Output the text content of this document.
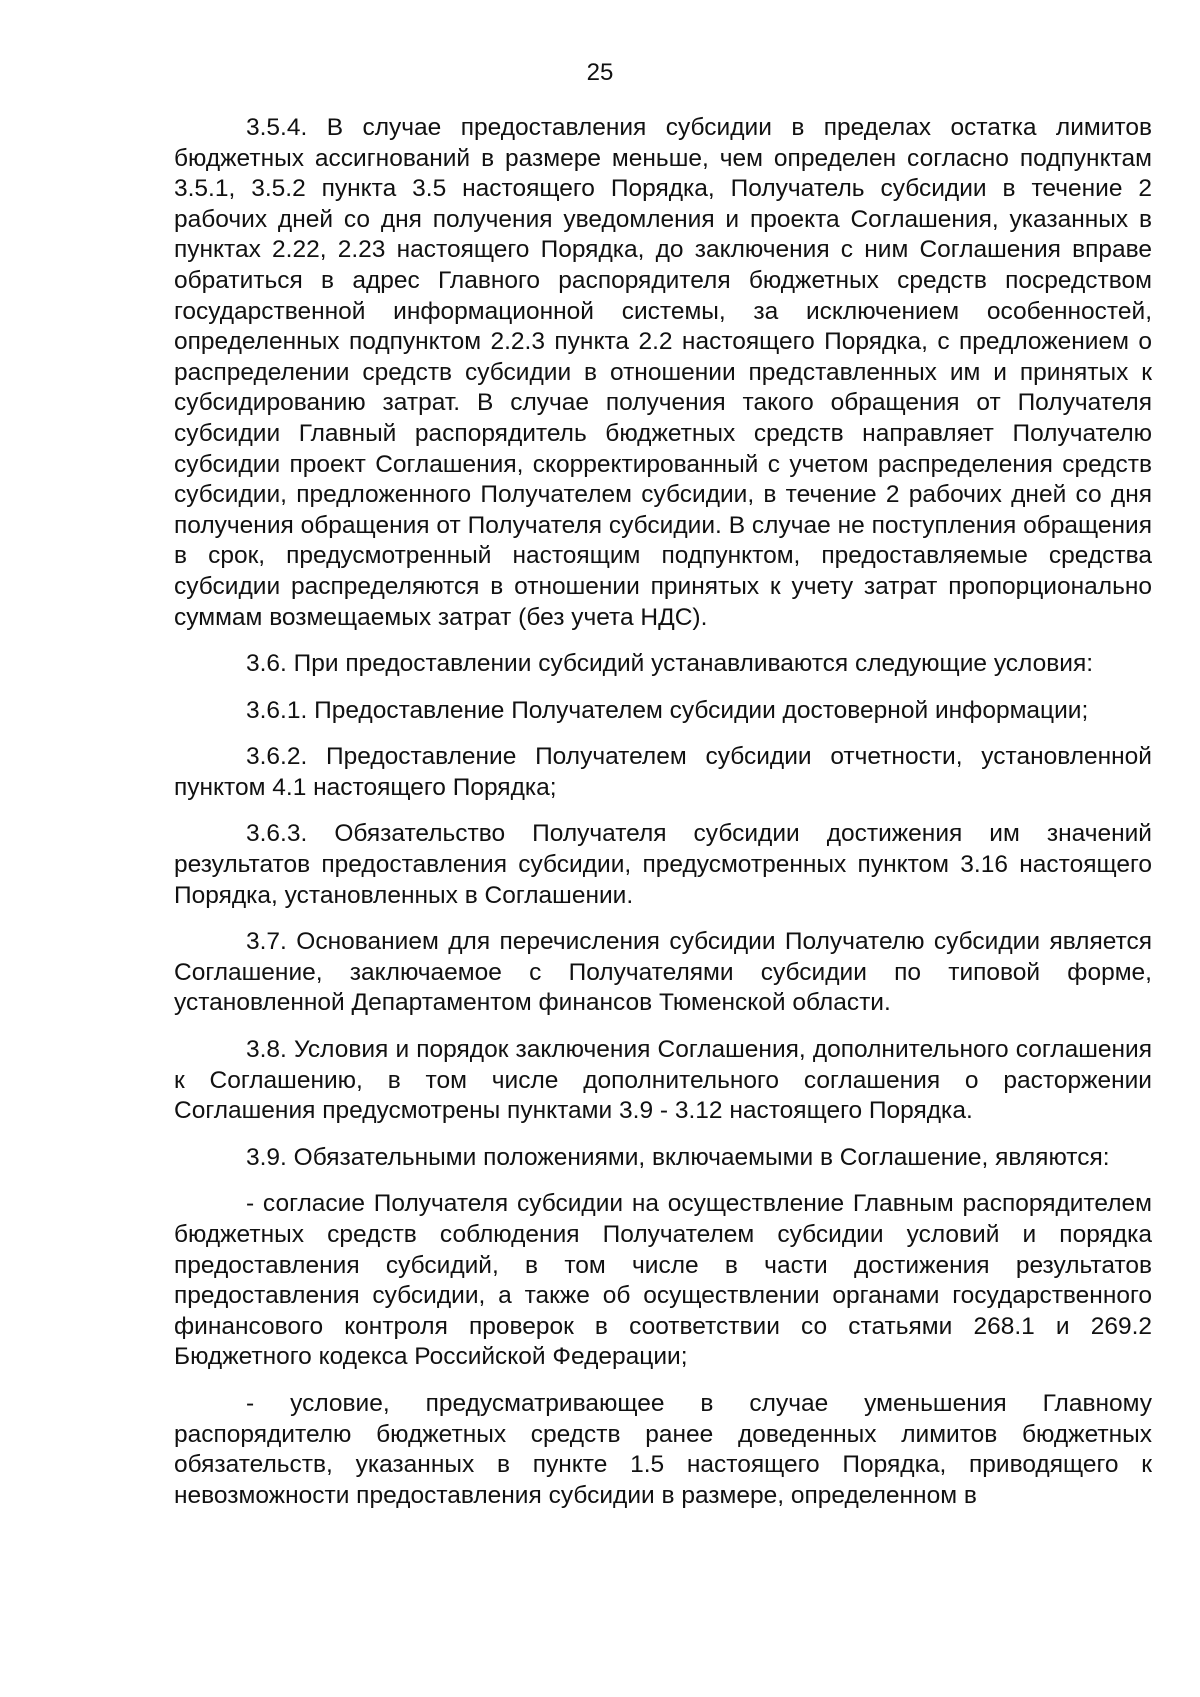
25

3.5.4. В случае предоставления субсидии в пределах остатка лимитов бюджетных ассигнований в размере меньше, чем определен согласно подпунктам 3.5.1, 3.5.2 пункта 3.5 настоящего Порядка, Получатель субсидии в течение 2 рабочих дней со дня получения уведомления и проекта Соглашения, указанных в пунктах 2.22, 2.23 настоящего Порядка, до заключения с ним Соглашения вправе обратиться в адрес Главного распорядителя бюджетных средств посредством государственной информационной системы, за исключением особенностей, определенных подпунктом 2.2.3 пункта 2.2 настоящего Порядка, с предложением о распределении средств субсидии в отношении представленных им и принятых к субсидированию затрат. В случае получения такого обращения от Получателя субсидии Главный распорядитель бюджетных средств направляет Получателю субсидии проект Соглашения, скорректированный с учетом распределения средств субсидии, предложенного Получателем субсидии, в течение 2 рабочих дней со дня получения обращения от Получателя субсидии. В случае не поступления обращения в срок, предусмотренный настоящим подпунктом, предоставляемые средства субсидии распределяются в отношении принятых к учету затрат пропорционально суммам возмещаемых затрат (без учета НДС).

3.6. При предоставлении субсидий устанавливаются следующие условия:

3.6.1. Предоставление Получателем субсидии достоверной информации;

3.6.2. Предоставление Получателем субсидии отчетности, установленной пунктом 4.1 настоящего Порядка;

3.6.3. Обязательство Получателя субсидии достижения им значений результатов предоставления субсидии, предусмотренных пунктом 3.16 настоящего Порядка, установленных в Соглашении.

3.7. Основанием для перечисления субсидии Получателю субсидии является Соглашение, заключаемое с Получателями субсидии по типовой форме, установленной Департаментом финансов Тюменской области.

3.8. Условия и порядок заключения Соглашения, дополнительного соглашения к Соглашению, в том числе дополнительного соглашения о расторжении Соглашения предусмотрены пунктами 3.9 - 3.12 настоящего Порядка.

3.9. Обязательными положениями, включаемыми в Соглашение, являются:

- согласие Получателя субсидии на осуществление Главным распорядителем бюджетных средств соблюдения Получателем субсидии условий и порядка предоставления субсидий, в том числе в части достижения результатов предоставления субсидии, а также об осуществлении органами государственного финансового контроля проверок в соответствии со статьями 268.1 и 269.2 Бюджетного кодекса Российской Федерации;

- условие, предусматривающее в случае уменьшения Главному распорядителю бюджетных средств ранее доведенных лимитов бюджетных обязательств, указанных в пункте 1.5 настоящего Порядка, приводящего к невозможности предоставления субсидии в размере, определенном в
